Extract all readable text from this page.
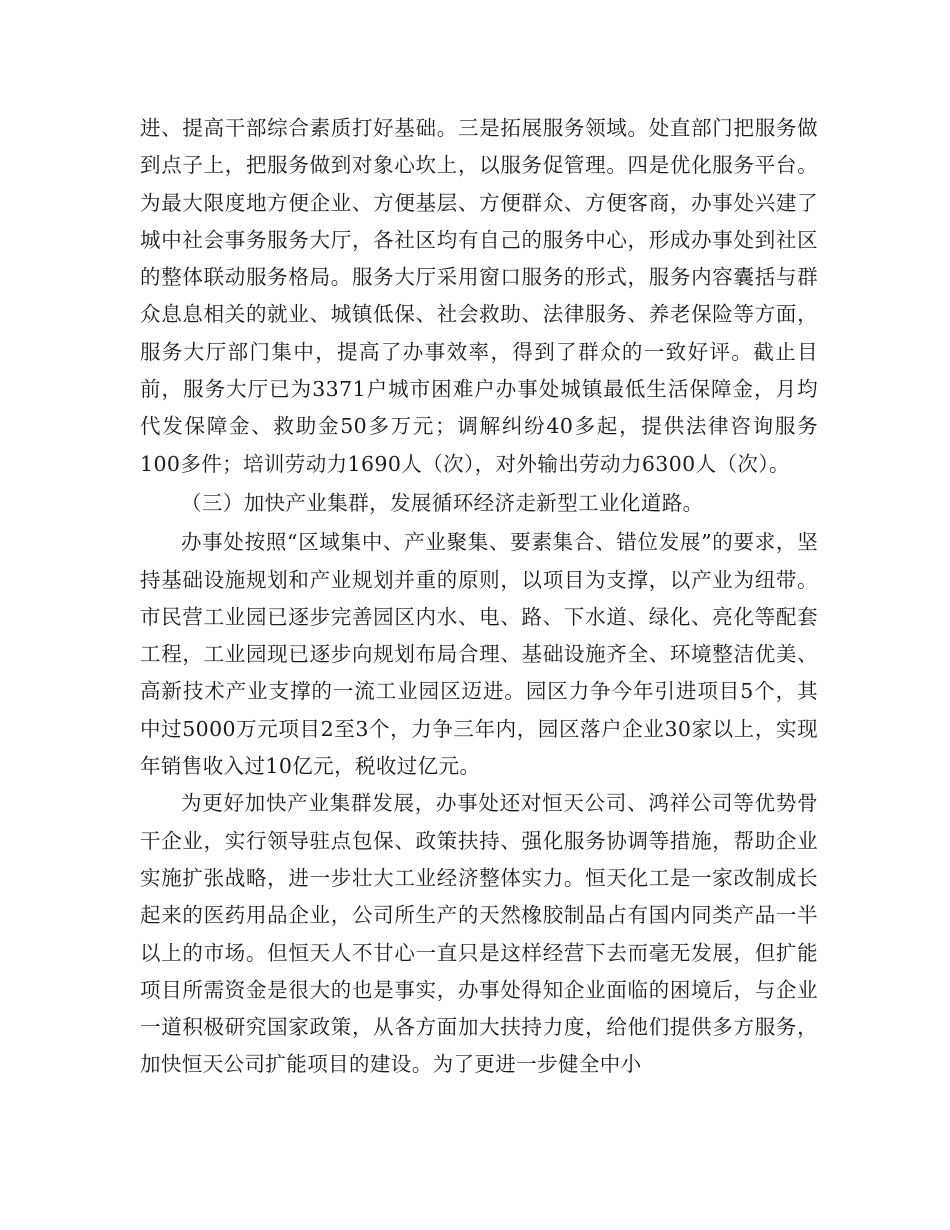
进、提高干部综合素质打好基础。三是拓展服务领域。处直部门把服务做到点子上，把服务做到对象心坎上，以服务促管理。四是优化服务平台。为最大限度地方便企业、方便基层、方便群众、方便客商，办事处兴建了城中社会事务服务大厅，各社区均有自己的服务中心，形成办事处到社区的整体联动服务格局。服务大厅采用窗口服务的形式，服务内容囊括与群众息息相关的就业、城镇低保、社会救助、法律服务、养老保险等方面，服务大厅部门集中，提高了办事效率，得到了群众的一致好评。截止目前，服务大厅已为3371户城市困难户办事处城镇最低生活保障金，月均代发保障金、救助金50多万元；调解纠纷40多起，提供法律咨询服务100多件；培训劳动力1690人（次），对外输出劳动力6300人（次）。

（三）加快产业集群，发展循环经济走新型工业化道路。

办事处按照“区域集中、产业聚集、要素集合、错位发展”的要求，坚持基础设施规划和产业规划并重的原则，以项目为支撑，以产业为纽带。市民营工业园已逐步完善园区内水、电、路、下水道、绿化、亮化等配套工程，工业园现已逐步向规划布局合理、基础设施齐全、环境整洁优美、高新技术产业支撑的一流工业园区迈进。园区力争今年引进项目5个，其中过5000万元项目2至3个，力争三年内，园区落户企业30家以上，实现年销售收入过10亿元，税收过亿元。

为更好加快产业集群发展，办事处还对恒天公司、鸿祥公司等优势骨干企业，实行领导驻点包保、政策扶持、强化服务协调等措施，帮助企业实施扩张战略，进一步壮大工业经济整体实力。恒天化工是一家改制成长起来的医药用品企业，公司所生产的天然橡胶制品占有国内同类产品一半以上的市场。但恒天人不甘心一直只是这样经营下去而毫无发展，但扩能项目所需资金是很大的也是事实，办事处得知企业面临的困境后，与企业一道积极研究国家政策，从各方面加大扶持力度，给他们提供多方服务，加快恒天公司扩能项目的建设。为了更进一步健全中小
